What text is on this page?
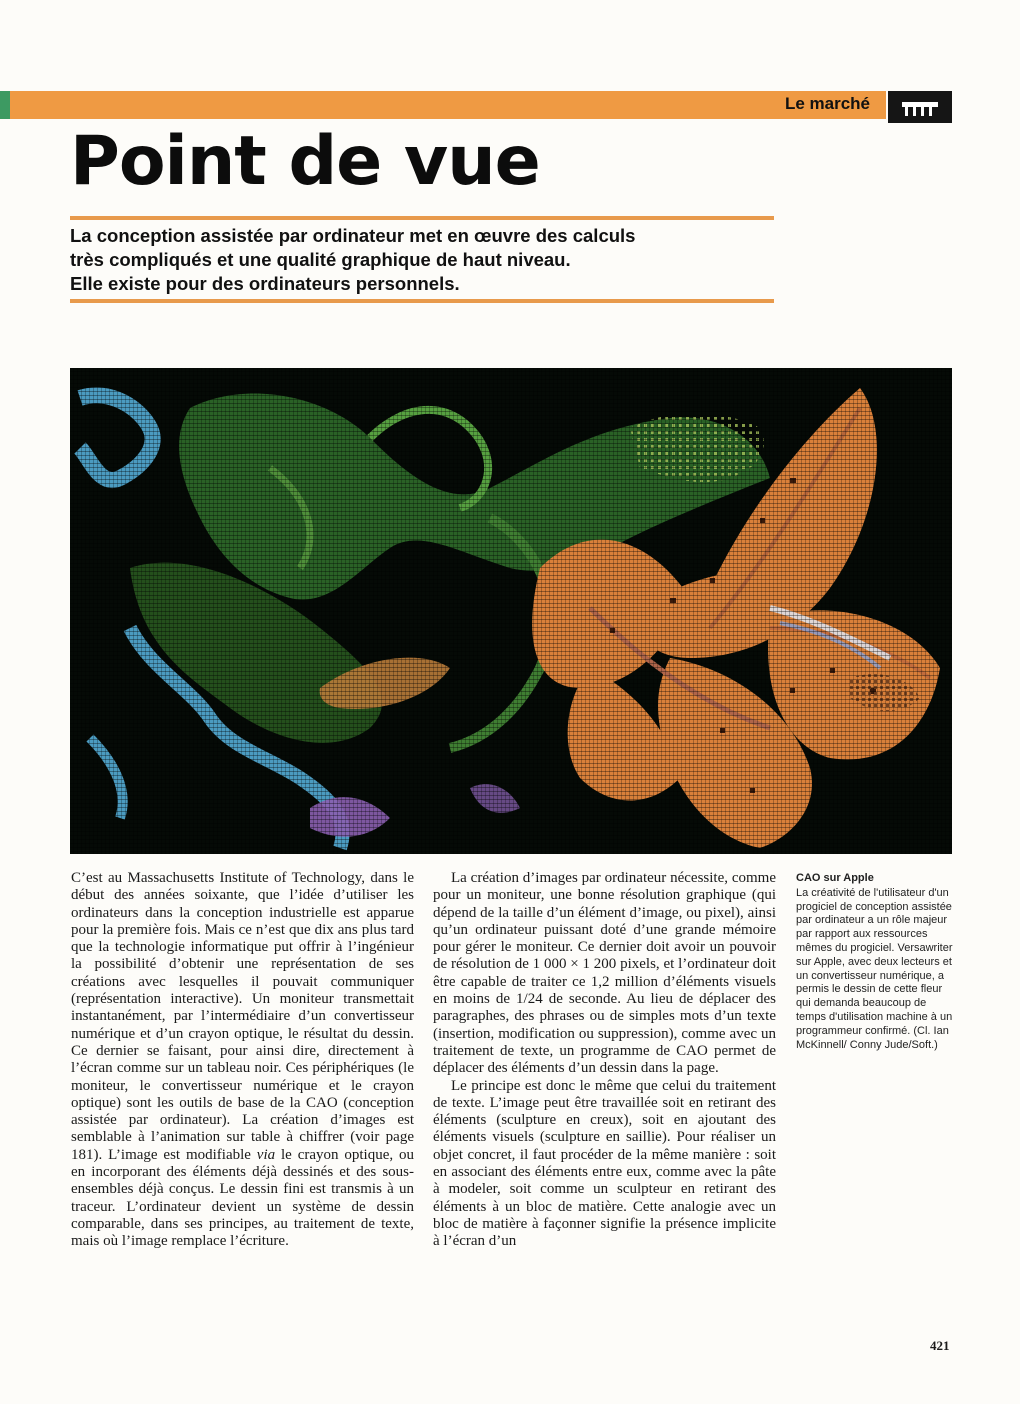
Le marché
Point de vue

La conception assistée par ordinateur met en œuvre des calculs
très compliqués et une qualité graphique de haut niveau.
Elle existe pour des ordinateurs personnels.

CAO sur Apple
La créativité de l'utilisateur d'un progiciel de conception assistée par ordinateur a un rôle majeur par rapport aux ressources mêmes du progiciel. Versawriter sur Apple, avec deux lecteurs et un convertisseur numérique, a permis le dessin de cette fleur qui demanda beaucoup de temps d'utilisation machine à un programmeur confirmé. (Cl. Ian McKinnell/ Conny Jude/Soft.)

C’est au Massachusetts Institute of Technology, dans le début des années soixante, que l’idée d’utiliser les ordinateurs dans la conception industrielle est apparue pour la première fois. Mais ce n’est que dix ans plus tard que la technologie informatique put offrir à l’ingénieur la possibilité d’obtenir une représentation de ses créations avec lesquelles il pouvait communiquer (représentation interactive). Un moniteur transmettait instantanément, par l’intermédiaire d’un convertisseur numérique et d’un crayon optique, le résultat du dessin. Ce dernier se faisant, pour ainsi dire, directement à l’écran comme sur un tableau noir. Ces périphériques (le moniteur, le convertisseur numérique et le crayon optique) sont les outils de base de la CAO (conception assistée par ordinateur). La création d’images est semblable à l’animation sur table à chiffrer (voir page 181). L’image est modifiable via le crayon optique, ou en incorporant des éléments déjà dessinés et des sous-ensembles déjà conçus. Le dessin fini est transmis à un traceur. L’ordinateur devient un système de dessin comparable, dans ses principes, au traitement de texte, mais où l’image remplace l’écriture.

La création d’images par ordinateur nécessite, comme pour un moniteur, une bonne résolution graphique (qui dépend de la taille d’un élément d’image, ou pixel), ainsi qu’un ordinateur puissant doté d’une grande mémoire pour gérer le moniteur. Ce dernier doit avoir un pouvoir de résolution de 1 000 × 1 200 pixels, et l’ordinateur doit être capable de traiter ce 1,2 million d’éléments visuels en moins de 1/24 de seconde. Au lieu de déplacer des paragraphes, des phrases ou de simples mots d’un texte (insertion, modification ou suppression), comme avec un traitement de texte, un programme de CAO permet de déplacer des éléments d’un dessin dans la page.

Le principe est donc le même que celui du traitement de texte. L’image peut être travaillée soit en retirant des éléments (sculpture en creux), soit en ajoutant des éléments visuels (sculpture en saillie). Pour réaliser un objet concret, il faut procéder de la même manière : soit en associant des éléments entre eux, comme avec la pâte à modeler, soit comme un sculpteur en retirant des éléments à un bloc de matière. Cette analogie avec un bloc de matière à façonner signifie la présence implicite à l’écran d’un

421
